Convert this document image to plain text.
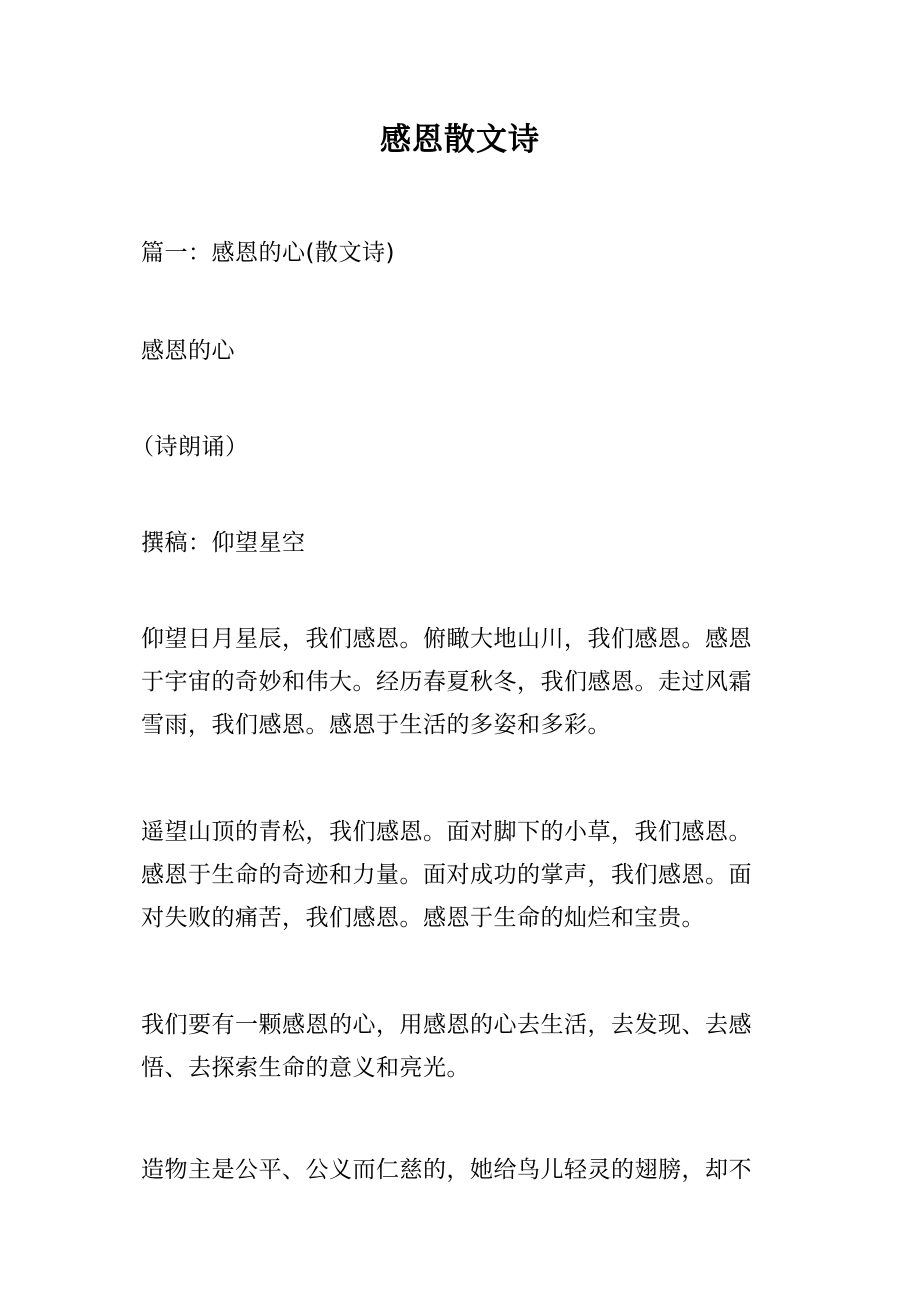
感恩散文诗
篇一：感恩的心(散文诗)
感恩的心
（诗朗诵）
撰稿：仰望星空
仰望日月星辰，我们感恩。俯瞰大地山川，我们感恩。感恩
于宇宙的奇妙和伟大。经历春夏秋冬，我们感恩。走过风霜
雪雨，我们感恩。感恩于生活的多姿和多彩。
遥望山顶的青松，我们感恩。面对脚下的小草，我们感恩。
感恩于生命的奇迹和力量。面对成功的掌声，我们感恩。面
对失败的痛苦，我们感恩。感恩于生命的灿烂和宝贵。
我们要有一颗感恩的心，用感恩的心去生活，去发现、去感
悟、去探索生命的意义和亮光。
造物主是公平、公义而仁慈的，她给鸟儿轻灵的翅膀，却不
